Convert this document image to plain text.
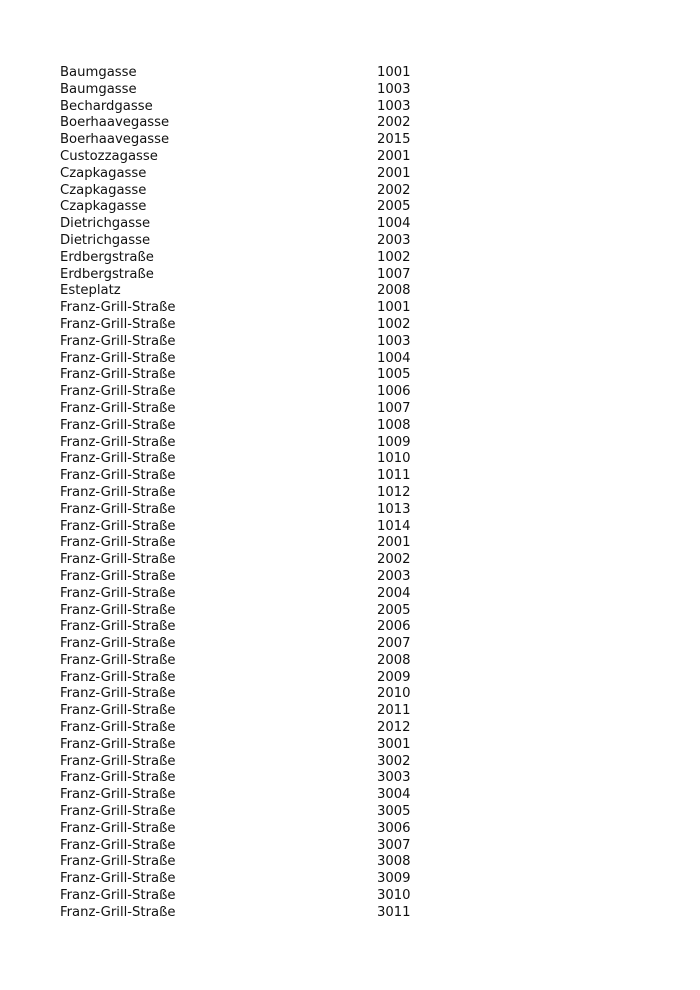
Baumgasse	1001
Baumgasse	1003
Bechardgasse	1003
Boerhaavegasse	2002
Boerhaavegasse	2015
Custozzagasse	2001
Czapkagasse	2001
Czapkagasse	2002
Czapkagasse	2005
Dietrichgasse	1004
Dietrichgasse	2003
Erdbergstraße	1002
Erdbergstraße	1007
Esteplatz	2008
Franz-Grill-Straße	1001
Franz-Grill-Straße	1002
Franz-Grill-Straße	1003
Franz-Grill-Straße	1004
Franz-Grill-Straße	1005
Franz-Grill-Straße	1006
Franz-Grill-Straße	1007
Franz-Grill-Straße	1008
Franz-Grill-Straße	1009
Franz-Grill-Straße	1010
Franz-Grill-Straße	1011
Franz-Grill-Straße	1012
Franz-Grill-Straße	1013
Franz-Grill-Straße	1014
Franz-Grill-Straße	2001
Franz-Grill-Straße	2002
Franz-Grill-Straße	2003
Franz-Grill-Straße	2004
Franz-Grill-Straße	2005
Franz-Grill-Straße	2006
Franz-Grill-Straße	2007
Franz-Grill-Straße	2008
Franz-Grill-Straße	2009
Franz-Grill-Straße	2010
Franz-Grill-Straße	2011
Franz-Grill-Straße	2012
Franz-Grill-Straße	3001
Franz-Grill-Straße	3002
Franz-Grill-Straße	3003
Franz-Grill-Straße	3004
Franz-Grill-Straße	3005
Franz-Grill-Straße	3006
Franz-Grill-Straße	3007
Franz-Grill-Straße	3008
Franz-Grill-Straße	3009
Franz-Grill-Straße	3010
Franz-Grill-Straße	3011
